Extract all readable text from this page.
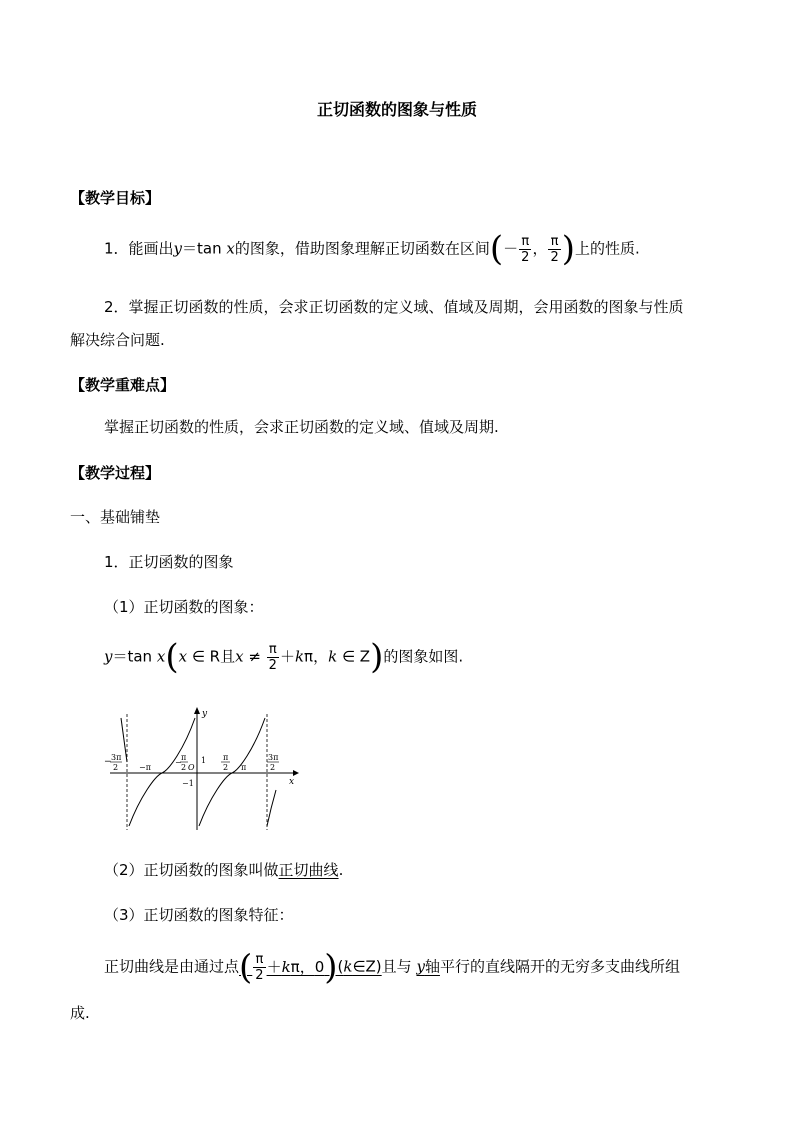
正切函数的图象与性质
【教学目标】
1．能画出y＝tan x的图象，借助图象理解正切函数在区间(－ $\frac{\pi}{2}$ ， $\frac{\pi}{2}$ )上的性质.
2．掌握正切函数的性质，会求正切函数的定义域、值域及周期，会用函数的图象与性质
解决综合问题.
【教学重难点】
掌握正切函数的性质，会求正切函数的定义域、值域及周期.
【教学过程】
一、基础铺垫
1．正切函数的图象
（1）正切函数的图象：
y＝tan x(x ∈ R且$x \ne \frac{\pi}{2} +k\pi$，k ∈ Z)的图象如图.
y
x
− 3π
2	−π
−
π
2 O
1
−1
π
2 π
3π
2
（2）正切函数的图象叫做正切曲线.
（3）正切函数的图象特征：
正切曲线是由通过点( $\frac{\pi}{2} +k\pi$，0)(k∈Z)且与 y轴平行的直线隔开的无穷多支曲线所组
成.
